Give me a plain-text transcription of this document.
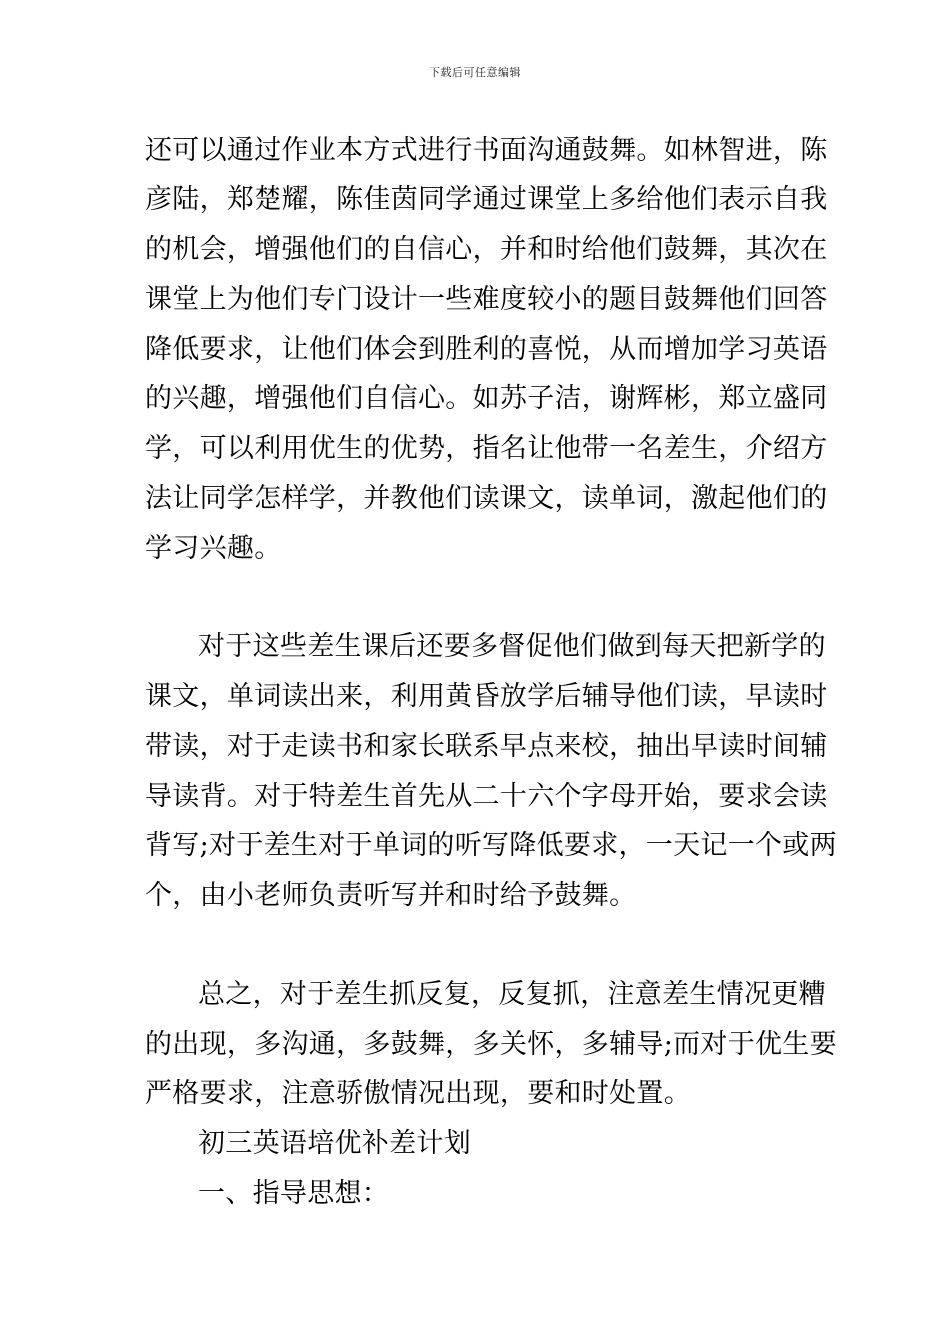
下载后可任意编辑
还可以通过作业本方式进行书面沟通鼓舞。如林智进，陈
彦陆，郑楚耀，陈佳茵同学通过课堂上多给他们表示自我
的机会，增强他们的自信心，并和时给他们鼓舞，其次在
课堂上为他们专门设计一些难度较小的题目鼓舞他们回答
降低要求，让他们体会到胜利的喜悦，从而增加学习英语
的兴趣，增强他们自信心。如苏子洁，谢辉彬，郑立盛同
学，可以利用优生的优势，指名让他带一名差生，介绍方
法让同学怎样学，并教他们读课文，读单词，激起他们的
学习兴趣。
对于这些差生课后还要多督促他们做到每天把新学的
课文，单词读出来，利用黄昏放学后辅导他们读，早读时
带读，对于走读书和家长联系早点来校，抽出早读时间辅
导读背。对于特差生首先从二十六个字母开始，要求会读
背写;对于差生对于单词的听写降低要求，一天记一个或两
个，由小老师负责听写并和时给予鼓舞。
总之，对于差生抓反复，反复抓，注意差生情况更糟
的出现，多沟通，多鼓舞，多关怀，多辅导;而对于优生要
严格要求，注意骄傲情况出现，要和时处置。
初三英语培优补差计划
一、指导思想：
